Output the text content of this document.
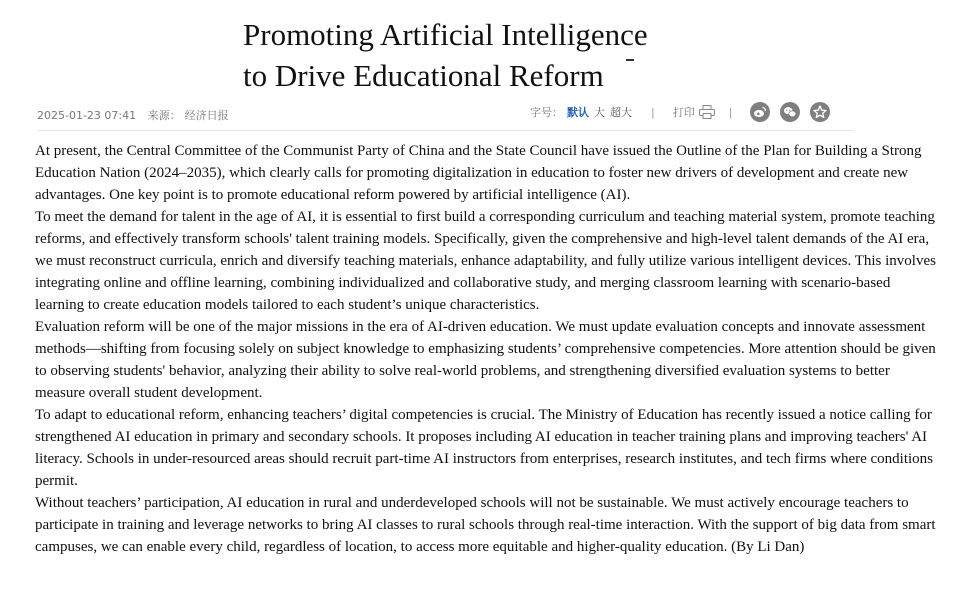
Promoting Artificial Intelligence
to Drive Educational Reform
2025-01-23 07:41 来源： 经济日报	字号： 默认 大 超大 | 打印	|

At present, the Central Committee of the Communist Party of China and the State Council have issued the Outline of the Plan for Building a Strong Education Nation (2024–2035), which clearly calls for promoting digitalization in education to foster new drivers of development and create new advantages. One key point is to promote educational reform powered by artificial intelligence (AI).

To meet the demand for talent in the age of AI, it is essential to first build a corresponding curriculum and teaching material system, promote teaching reforms, and effectively transform schools' talent training models. Specifically, given the comprehensive and high-level talent demands of the AI era, we must reconstruct curricula, enrich and diversify teaching materials, enhance adaptability, and fully utilize various intelligent devices. This involves integrating online and offline learning, combining individualized and collaborative study, and merging classroom learning with scenario-based learning to create education models tailored to each student’s unique characteristics.

Evaluation reform will be one of the major missions in the era of AI-driven education. We must update evaluation concepts and innovate assessment methods—shifting from focusing solely on subject knowledge to emphasizing students’ comprehensive competencies. More attention should be given to observing students' behavior, analyzing their ability to solve real-world problems, and strengthening diversified evaluation systems to better measure overall student development.

To adapt to educational reform, enhancing teachers’ digital competencies is crucial. The Ministry of Education has recently issued a notice calling for strengthened AI education in primary and secondary schools. It proposes including AI education in teacher training plans and improving teachers' AI literacy. Schools in under-resourced areas should recruit part-time AI instructors from enterprises, research institutes, and tech firms where conditions permit.

Without teachers’ participation, AI education in rural and underdeveloped schools will not be sustainable. We must actively encourage teachers to participate in training and leverage networks to bring AI classes to rural schools through real-time interaction. With the support of big data from smart campuses, we can enable every child, regardless of location, to access more equitable and higher-quality education. (By Li Dan)
